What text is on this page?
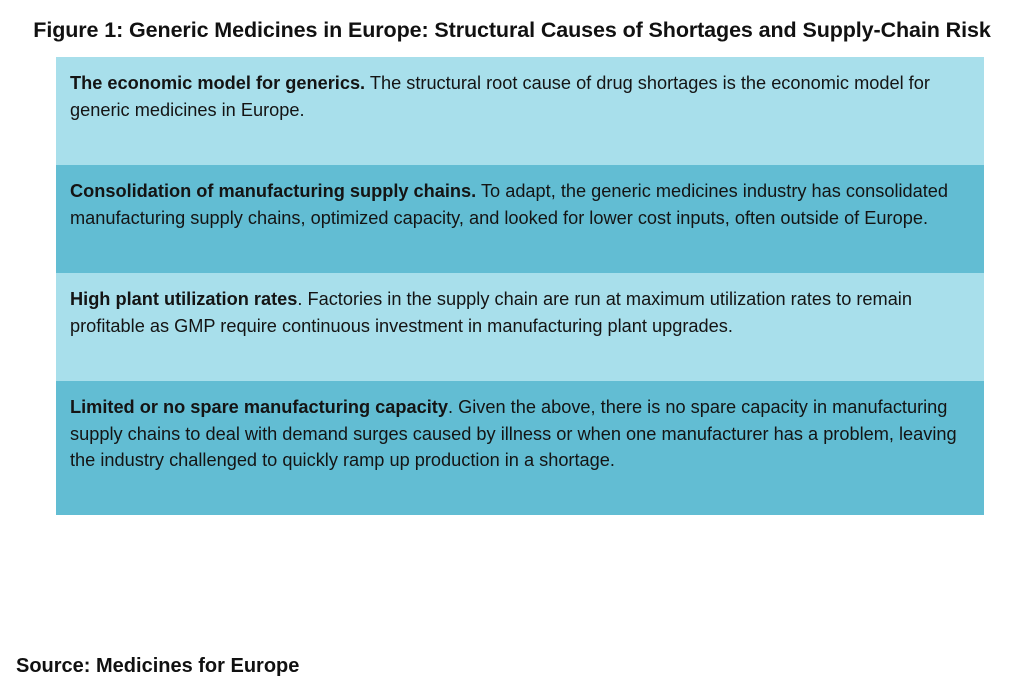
Figure 1: Generic Medicines in Europe: Structural Causes of Shortages and Supply-Chain Risk
The economic model for generics. The structural root cause of drug shortages is the economic model for generic medicines in Europe.
Consolidation of manufacturing supply chains. To adapt, the generic medicines industry has consolidated manufacturing supply chains, optimized capacity, and looked for lower cost inputs, often outside of Europe.
High plant utilization rates. Factories in the supply chain are run at maximum utilization rates to remain profitable as GMP require continuous investment in manufacturing plant upgrades.
Limited or no spare manufacturing capacity. Given the above, there is no spare capacity in manufacturing supply chains to deal with demand surges caused by illness or when one manufacturer has a problem, leaving the industry challenged to quickly ramp up production in a shortage.
Source: Medicines for Europe
